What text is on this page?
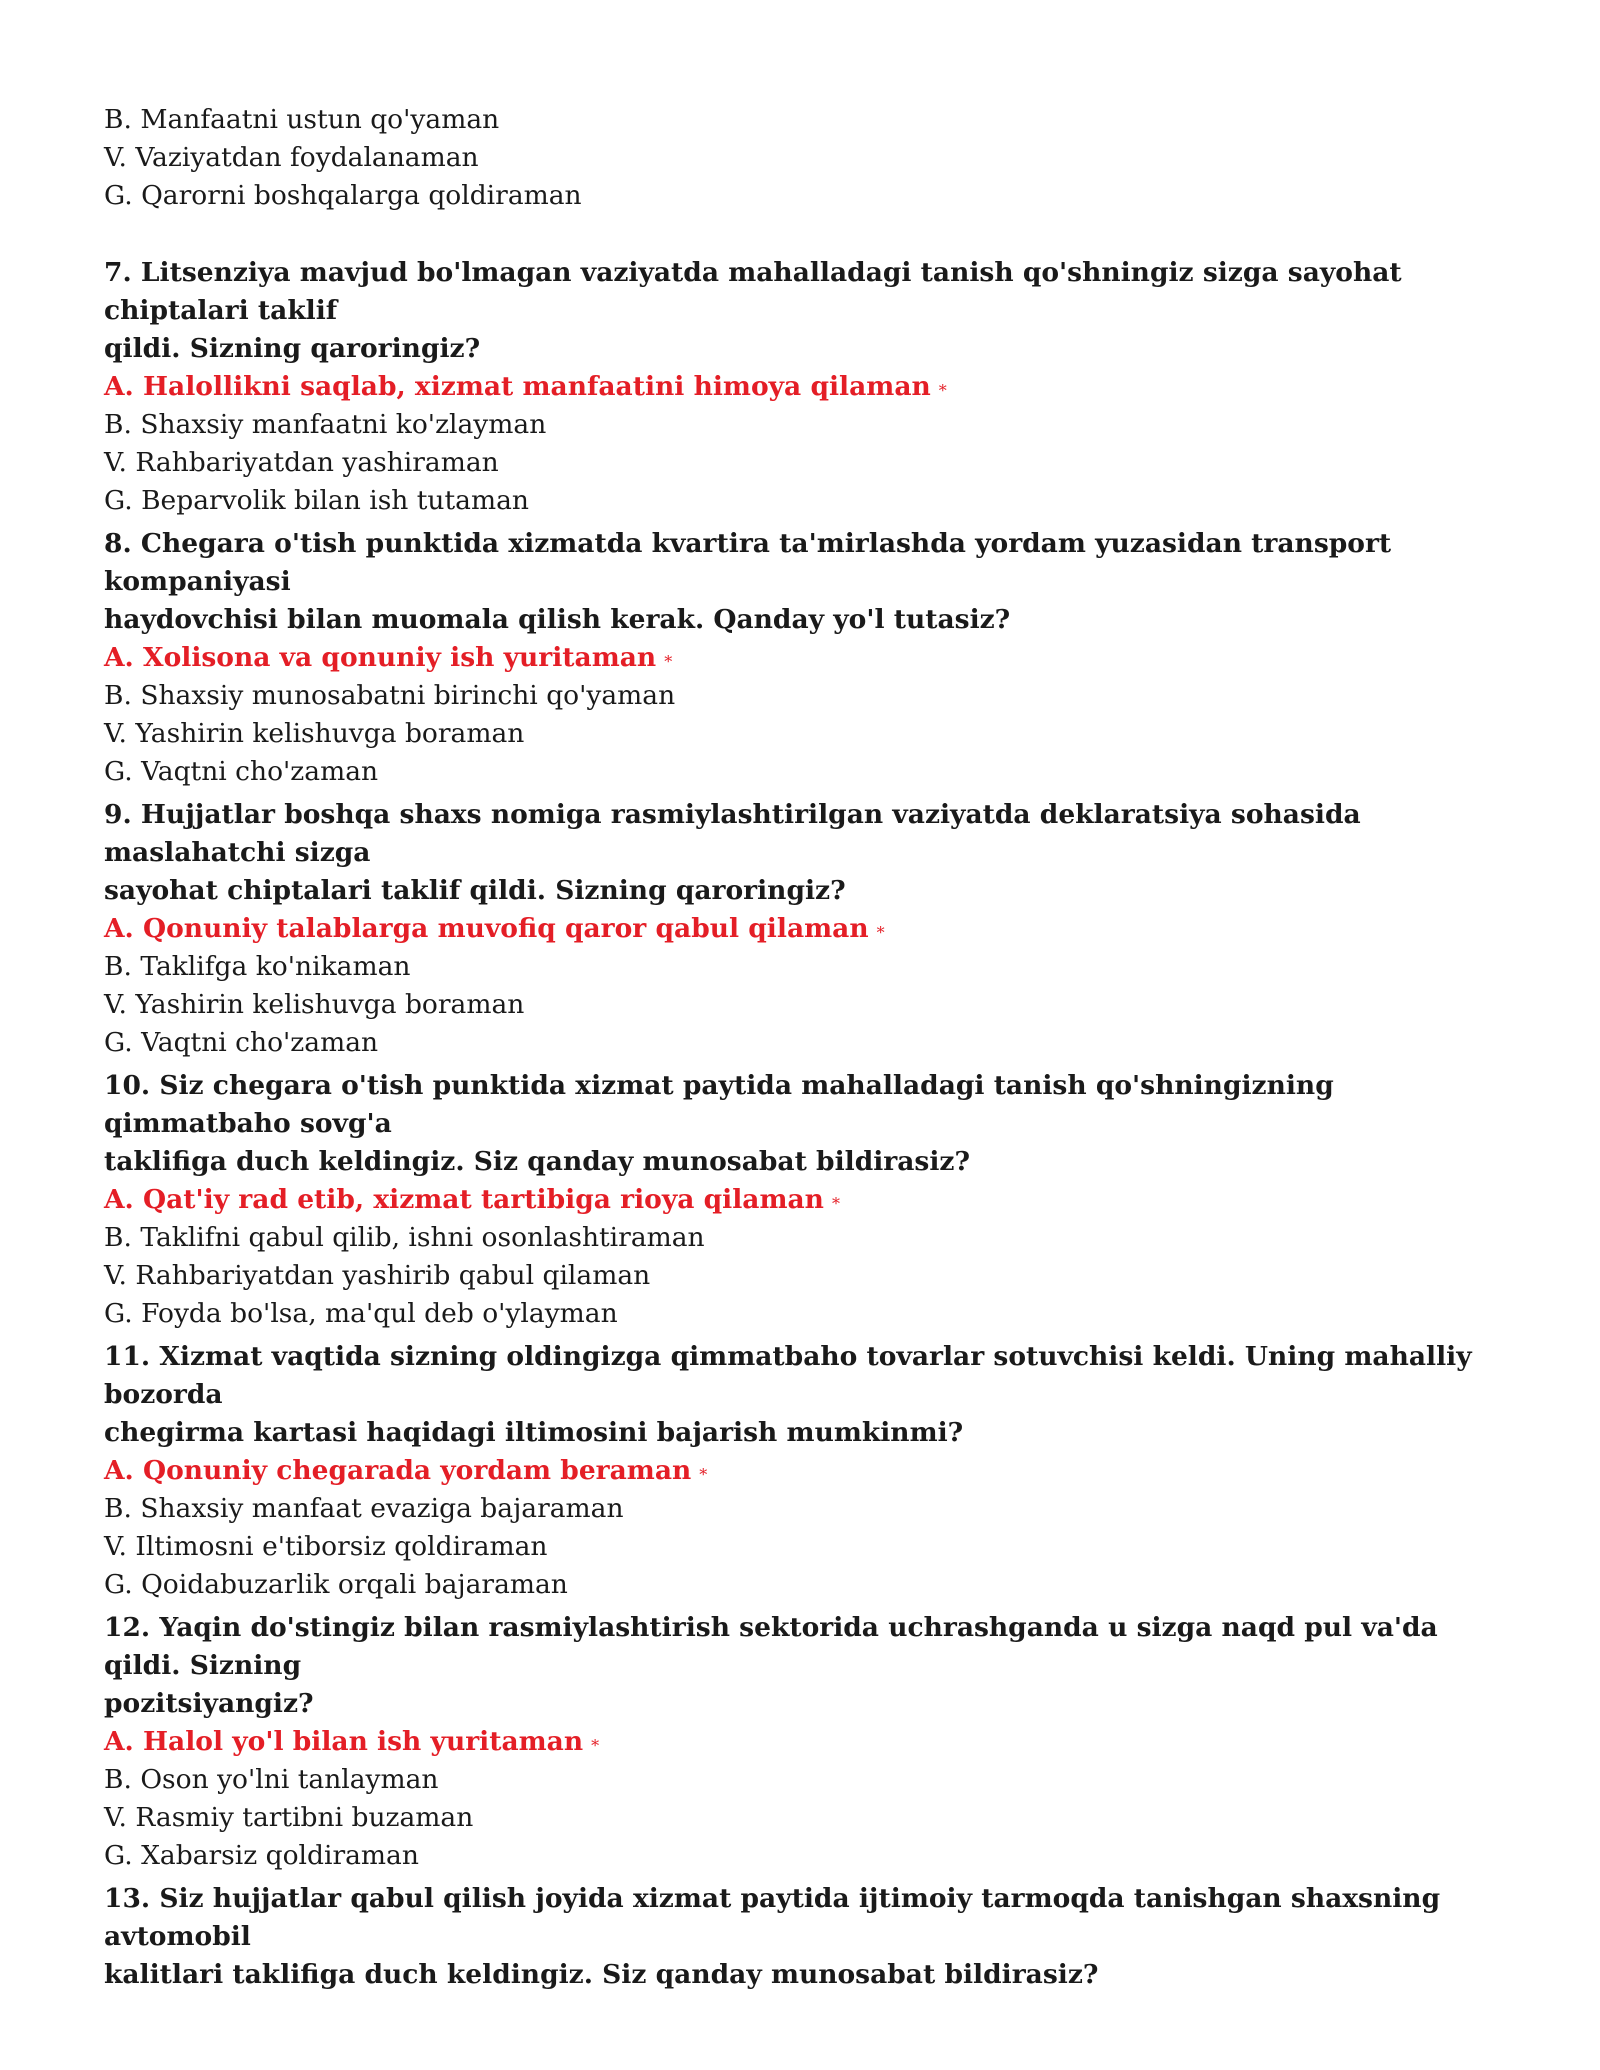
B. Manfaatni ustun qo'yaman
V. Vaziyatdan foydalanaman
G. Qarorni boshqalarga qoldiraman
7. Litsenziya mavjud bo'lmagan vaziyatda mahalladagi tanish qo'shningiz sizga sayohat chiptalari taklif
qildi. Sizning qaroringiz?
A. Halollikni saqlab, xizmat manfaatini himoya qilaman *
B. Shaxsiy manfaatni ko'zlayman
V. Rahbariyatdan yashiraman
G. Beparvolik bilan ish tutaman
8. Chegara o'tish punktida xizmatda kvartira ta'mirlashda yordam yuzasidan transport kompaniyasi
haydovchisi bilan muomala qilish kerak. Qanday yo'l tutasiz?
A. Xolisona va qonuniy ish yuritaman *
B. Shaxsiy munosabatni birinchi qo'yaman
V. Yashirin kelishuvga boraman
G. Vaqtni cho'zaman
9. Hujjatlar boshqa shaxs nomiga rasmiylashtirilgan vaziyatda deklaratsiya sohasida maslahatchi sizga
sayohat chiptalari taklif qildi. Sizning qaroringiz?
A. Qonuniy talablarga muvofiq qaror qabul qilaman *
B. Taklifga ko'nikaman
V. Yashirin kelishuvga boraman
G. Vaqtni cho'zaman
10. Siz chegara o'tish punktida xizmat paytida mahalladagi tanish qo'shningizning qimmatbaho sovg'a
taklifiga duch keldingiz. Siz qanday munosabat bildirasiz?
A. Qat'iy rad etib, xizmat tartibiga rioya qilaman *
B. Taklifni qabul qilib, ishni osonlashtiraman
V. Rahbariyatdan yashirib qabul qilaman
G. Foyda bo'lsa, ma'qul deb o'ylayman
11. Xizmat vaqtida sizning oldingizga qimmatbaho tovarlar sotuvchisi keldi. Uning mahalliy bozorda
chegirma kartasi haqidagi iltimosini bajarish mumkinmi?
A. Qonuniy chegarada yordam beraman *
B. Shaxsiy manfaat evaziga bajaraman
V. Iltimosni e'tiborsiz qoldiraman
G. Qoidabuzarlik orqali bajaraman
12. Yaqin do'stingiz bilan rasmiylashtirish sektorida uchrashganda u sizga naqd pul va'da qildi. Sizning
pozitsiyangiz?
A. Halol yo'l bilan ish yuritaman *
B. Oson yo'lni tanlayman
V. Rasmiy tartibni buzaman
G. Xabarsiz qoldiraman
13. Siz hujjatlar qabul qilish joyida xizmat paytida ijtimoiy tarmoqda tanishgan shaxsning avtomobil
kalitlari taklifiga duch keldingiz. Siz qanday munosabat bildirasiz?
